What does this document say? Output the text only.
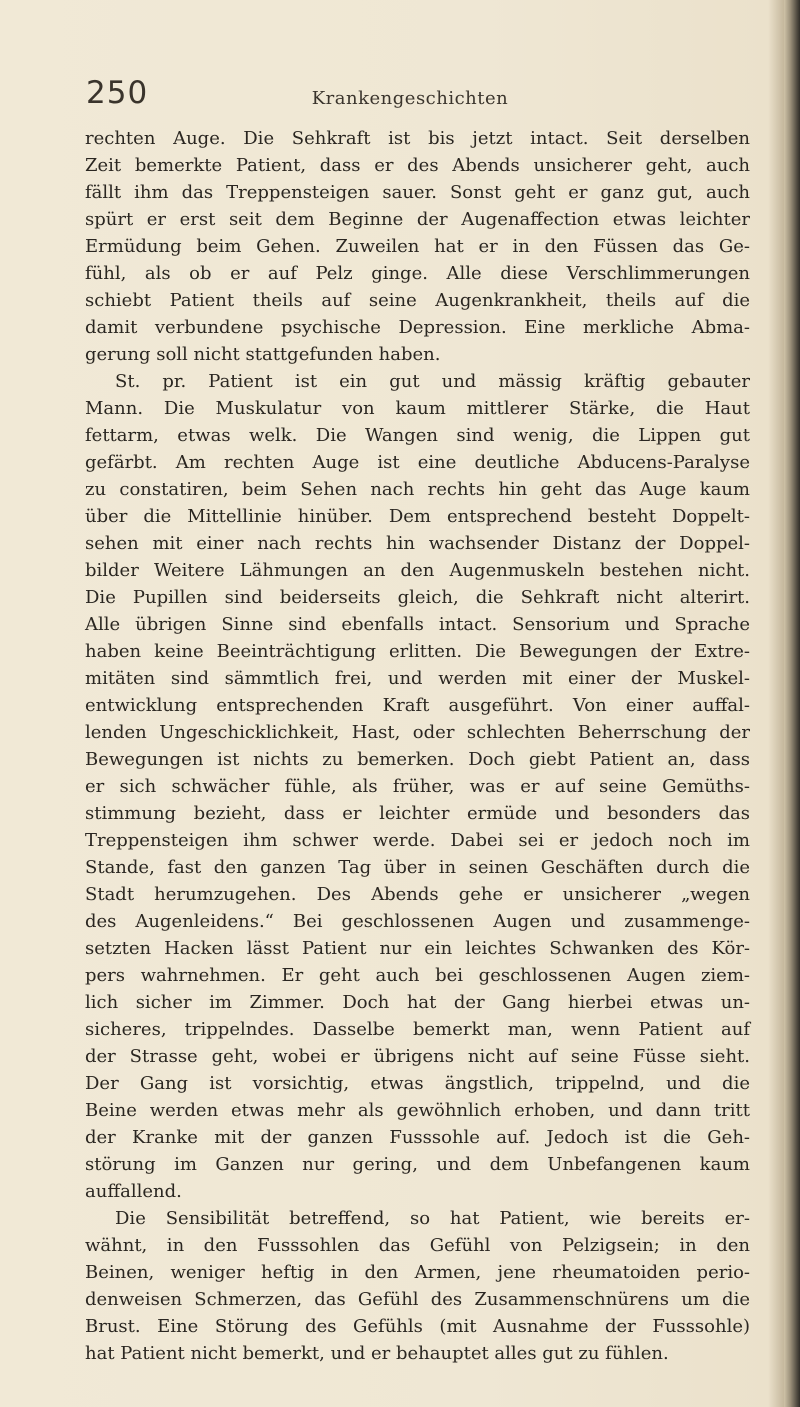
250	Krankengeschichten
rechten Auge. Die Sehkraft ist bis jetzt intact. Seit derselben
Zeit bemerkte Patient, dass er des Abends unsicherer geht, auch
fällt ihm das Treppensteigen sauer. Sonst geht er ganz gut, auch
spürt er erst seit dem Beginne der Augenaffection etwas leichter
Ermüdung beim Gehen. Zuweilen hat er in den Füssen das Ge-
fühl, als ob er auf Pelz ginge. Alle diese Verschlimmerungen
schiebt Patient theils auf seine Augenkrankheit, theils auf die
damit verbundene psychische Depression. Eine merkliche Abma-
gerung soll nicht stattgefunden haben.
St. pr. Patient ist ein gut und mässig kräftig gebauter
Mann. Die Muskulatur von kaum mittlerer Stärke, die Haut
fettarm, etwas welk. Die Wangen sind wenig, die Lippen gut
gefärbt. Am rechten Auge ist eine deutliche Abducens-Paralyse
zu constatiren, beim Sehen nach rechts hin geht das Auge kaum
über die Mittellinie hinüber. Dem entsprechend besteht Doppelt-
sehen mit einer nach rechts hin wachsender Distanz der Doppel-
bilder Weitere Lähmungen an den Augenmuskeln bestehen nicht.
Die Pupillen sind beiderseits gleich, die Sehkraft nicht alterirt.
Alle übrigen Sinne sind ebenfalls intact. Sensorium und Sprache
haben keine Beeinträchtigung erlitten. Die Bewegungen der Extre-
mitäten sind sämmtlich frei, und werden mit einer der Muskel-
entwicklung entsprechenden Kraft ausgeführt. Von einer auffal-
lenden Ungeschicklichkeit, Hast, oder schlechten Beherrschung der
Bewegungen ist nichts zu bemerken. Doch giebt Patient an, dass
er sich schwächer fühle, als früher, was er auf seine Gemüths-
stimmung bezieht, dass er leichter ermüde und besonders das
Treppensteigen ihm schwer werde. Dabei sei er jedoch noch im
Stande, fast den ganzen Tag über in seinen Geschäften durch die
Stadt herumzugehen. Des Abends gehe er unsicherer „wegen
des Augenleidens.“ Bei geschlossenen Augen und zusammenge-
setzten Hacken lässt Patient nur ein leichtes Schwanken des Kör-
pers wahrnehmen. Er geht auch bei geschlossenen Augen ziem-
lich sicher im Zimmer. Doch hat der Gang hierbei etwas un-
sicheres, trippelndes. Dasselbe bemerkt man, wenn Patient auf
der Strasse geht, wobei er übrigens nicht auf seine Füsse sieht.
Der Gang ist vorsichtig, etwas ängstlich, trippelnd, und die
Beine werden etwas mehr als gewöhnlich erhoben, und dann tritt
der Kranke mit der ganzen Fusssohle auf. Jedoch ist die Geh-
störung im Ganzen nur gering, und dem Unbefangenen kaum
auffallend.
Die Sensibilität betreffend, so hat Patient, wie bereits er-
wähnt, in den Fusssohlen das Gefühl von Pelzigsein; in den
Beinen, weniger heftig in den Armen, jene rheumatoiden perio-
denweisen Schmerzen, das Gefühl des Zusammenschnürens um die
Brust. Eine Störung des Gefühls (mit Ausnahme der Fusssohle)
hat Patient nicht bemerkt, und er behauptet alles gut zu fühlen.
